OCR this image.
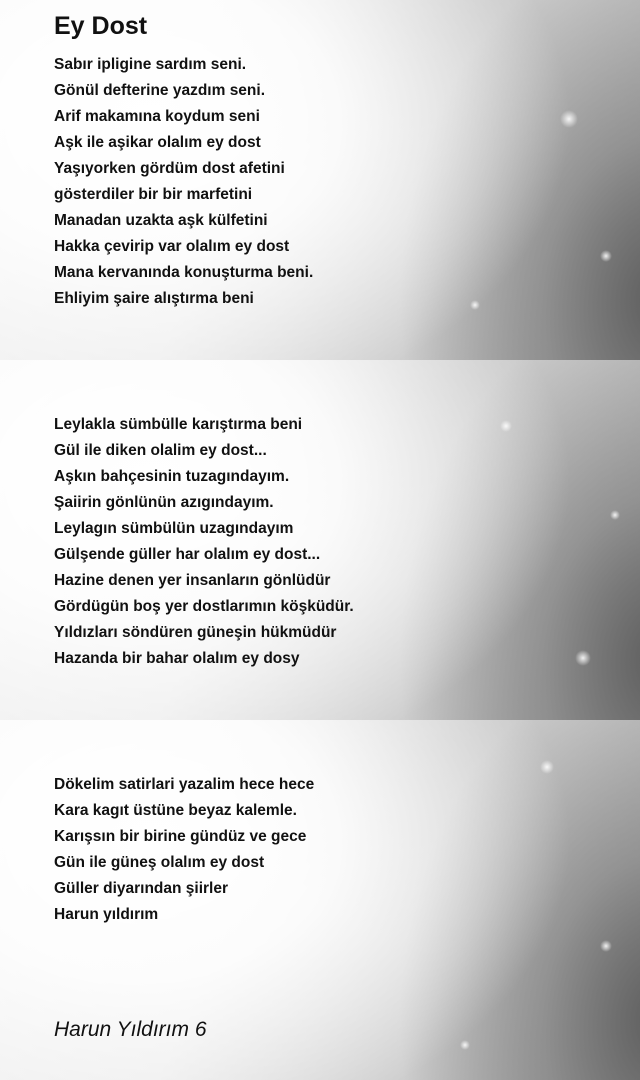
Ey Dost
Sabır ipligine sardım seni.
Gönül defterine yazdım seni.
Arif makamına koydum seni
Aşk ile aşikar olalım ey dost
Yaşıyorken gördüm dost afetini
gösterdiler bir bir marfetini
Manadan uzakta aşk külfetini
Hakka çevirip var olalım ey dost
Mana kervanında konuşturma beni.
Ehliyim şaire alıştırma beni
Leylakla sümbülle karıştırma beni
Gül ile diken olalim ey dost...
Aşkın bahçesinin tuzagındayım.
Şaiirin gönlünün azıgındayım.
Leylagın sümbülün uzagındayım
Gülşende güller har olalım ey dost...
Hazine denen yer insanların gönlüdür
Gördügün boş yer dostlarımın köşküdür.
Yıldızları söndüren güneşin hükmüdür
Hazanda bir bahar olalım ey dosy
Dökelim satirlari yazalim hece hece
Kara kagıt üstüne beyaz kalemle.
Karışsın bir birine gündüz ve gece
Gün ile güneş olalım ey dost
Güller diyarından şiirler
Harun yıldırım

Harun Yıldırım 6
